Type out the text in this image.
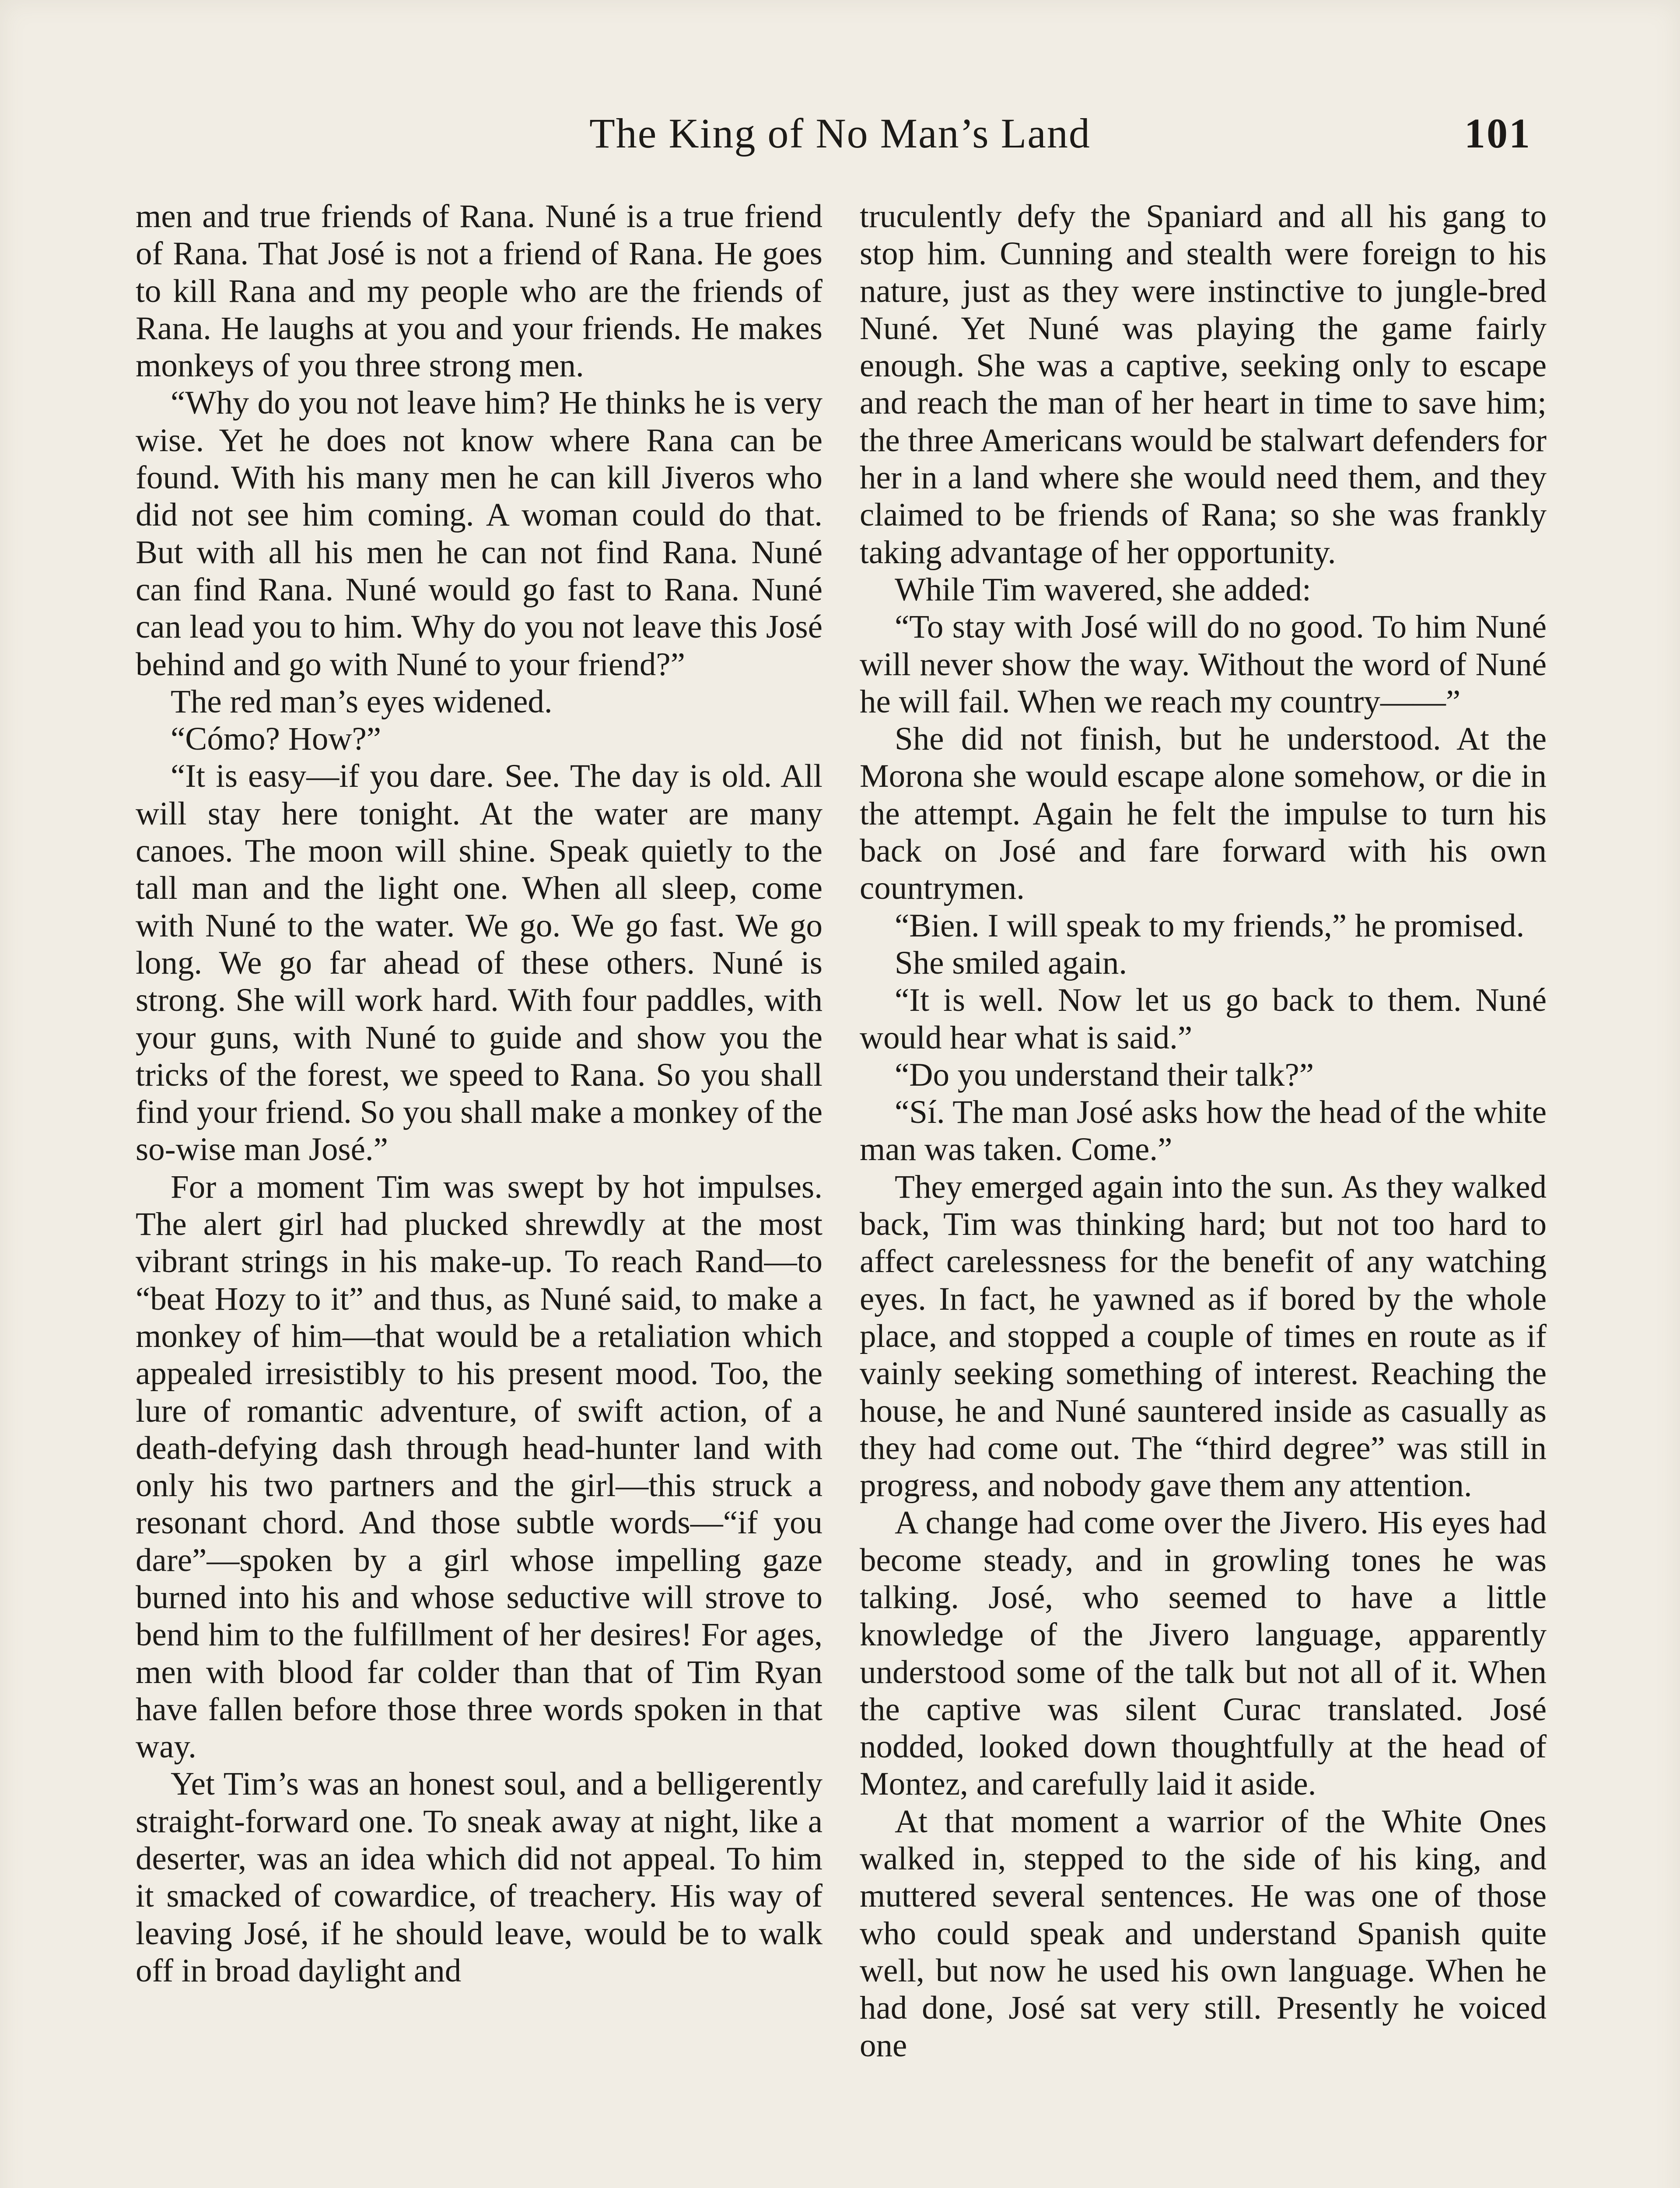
The King of No Man’s Land	101

men and true friends of Rana. Nuné is a true friend of Rana. That José is not a friend of Rana. He goes to kill Rana and my people who are the friends of Rana. He laughs at you and your friends. He makes monkeys of you three strong men.

“Why do you not leave him? He thinks he is very wise. Yet he does not know where Rana can be found. With his many men he can kill Jiveros who did not see him coming. A woman could do that. But with all his men he can not find Rana. Nuné can find Rana. Nuné would go fast to Rana. Nuné can lead you to him. Why do you not leave this José behind and go with Nuné to your friend?”

The red man’s eyes widened.

“Cómo? How?”

“It is easy—if you dare. See. The day is old. All will stay here tonight. At the water are many canoes. The moon will shine. Speak quietly to the tall man and the light one. When all sleep, come with Nuné to the water. We go. We go fast. We go long. We go far ahead of these others. Nuné is strong. She will work hard. With four paddles, with your guns, with Nuné to guide and show you the tricks of the forest, we speed to Rana. So you shall find your friend. So you shall make a monkey of the so-wise man José.”

For a moment Tim was swept by hot impulses. The alert girl had plucked shrewdly at the most vibrant strings in his make-up. To reach Rand—to “beat Hozy to it” and thus, as Nuné said, to make a monkey of him—that would be a retaliation which appealed irresistibly to his present mood. Too, the lure of romantic adventure, of swift action, of a death-defying dash through head-hunter land with only his two partners and the girl—this struck a resonant chord. And those subtle words—“if you dare”—spoken by a girl whose impelling gaze burned into his and whose seductive will strove to bend him to the fulfillment of her desires! For ages, men with blood far colder than that of Tim Ryan have fallen before those three words spoken in that way.

Yet Tim’s was an honest soul, and a belligerently straight-forward one. To sneak away at night, like a deserter, was an idea which did not appeal. To him it smacked of cowardice, of treachery. His way of leaving José, if he should leave, would be to walk off in broad daylight and

truculently defy the Spaniard and all his gang to stop him. Cunning and stealth were foreign to his nature, just as they were instinctive to jungle-bred Nuné. Yet Nuné was playing the game fairly enough. She was a captive, seeking only to escape and reach the man of her heart in time to save him; the three Americans would be stalwart defenders for her in a land where she would need them, and they claimed to be friends of Rana; so she was frankly taking advantage of her opportunity.

While Tim wavered, she added:

“To stay with José will do no good. To him Nuné will never show the way. Without the word of Nuné he will fail. When we reach my country——”

She did not finish, but he understood. At the Morona she would escape alone somehow, or die in the attempt. Again he felt the impulse to turn his back on José and fare forward with his own countrymen.

“Bien. I will speak to my friends,” he promised.

She smiled again.

“It is well. Now let us go back to them. Nuné would hear what is said.”

“Do you understand their talk?”

“Sí. The man José asks how the head of the white man was taken. Come.”

They emerged again into the sun. As they walked back, Tim was thinking hard; but not too hard to affect carelessness for the benefit of any watching eyes. In fact, he yawned as if bored by the whole place, and stopped a couple of times en route as if vainly seeking something of interest. Reaching the house, he and Nuné sauntered inside as casually as they had come out. The “third degree” was still in progress, and nobody gave them any attention.

A change had come over the Jivero. His eyes had become steady, and in growling tones he was talking. José, who seemed to have a little knowledge of the Jivero language, apparently understood some of the talk but not all of it. When the captive was silent Curac translated. José nodded, looked down thoughtfully at the head of Montez, and carefully laid it aside.

At that moment a warrior of the White Ones walked in, stepped to the side of his king, and muttered several sentences. He was one of those who could speak and understand Spanish quite well, but now he used his own language. When he had done, José sat very still. Presently he voiced one
